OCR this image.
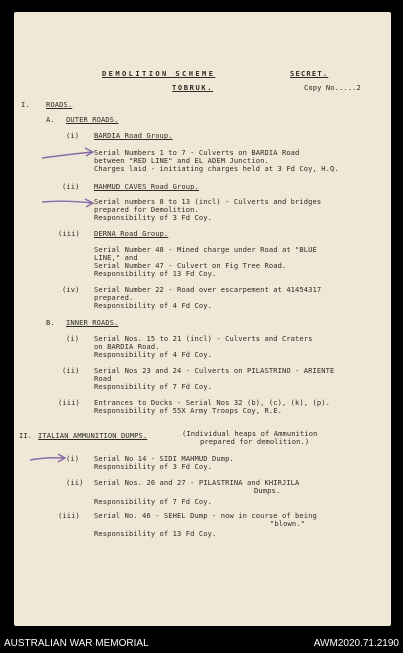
DEMOLITION SCHEME	SECRET.
TOBRUK.	Copy No.....2
I. ROADS.
A. OUTER ROADS.
(i) BARDIA Road Group.
Serial Numbers 1 to 7 - Culverts on BARDIA Road
between "RED LINE" and EL ADEM Junction.
Charges laid - initiating charges held at 3 Fd Coy, H.Q.
(ii) MAHMUD CAVES Road Group.
Serial numbers 8 to 13 (incl) - Culverts and bridges
prepared for Demolition.
Responsibility of 3 Fd Coy.
(iii) DERNA Road Group.
Serial Number 48 - Mined charge under Road at "BLUE
LINE," and
Serial Number 47 - Culvert on Fig Tree Road.
Responsibility of 13 Fd Coy.
(iv) Serial Number 22 - Road over escarpement at 41454317
prepared.
Responsibility of 4 Fd Coy.
B. INNER ROADS.
(i) Serial Nos. 15 to 21 (incl) - Culverts and Craters
on BARDIA Road.
Responsibility of 4 Fd Coy.
(ii) Serial Nos 23 and 24 - Culverts on PILASTRINO - ARIENTE
Road
Responsibility of 7 Fd Coy.
(iii) Entrances to Docks - Serial Nos 32 (b), (c), (k), (p).
Responsibility of 55X Army Troops Coy, R.E.
II. ITALIAN AMMUNITION DUMPS.	(Individual heaps of Ammunition
prepared for demolition.)
(i) Serial No 14 - SIDI MAHMUD Dump.
Responsibility of 3 Fd Coy.
(ii) Serial Nos. 26 and 27 - PILASTRINA and KHIRJILA
Dumps.
Responsibility of 7 Fd Coy.
(iii) Serial No. 46 - SEHEL Dump - now in course of being
"blown."
Responsibility of 13 Fd Coy.
AUSTRALIAN WAR MEMORIAL	AWM2020.71.2190
